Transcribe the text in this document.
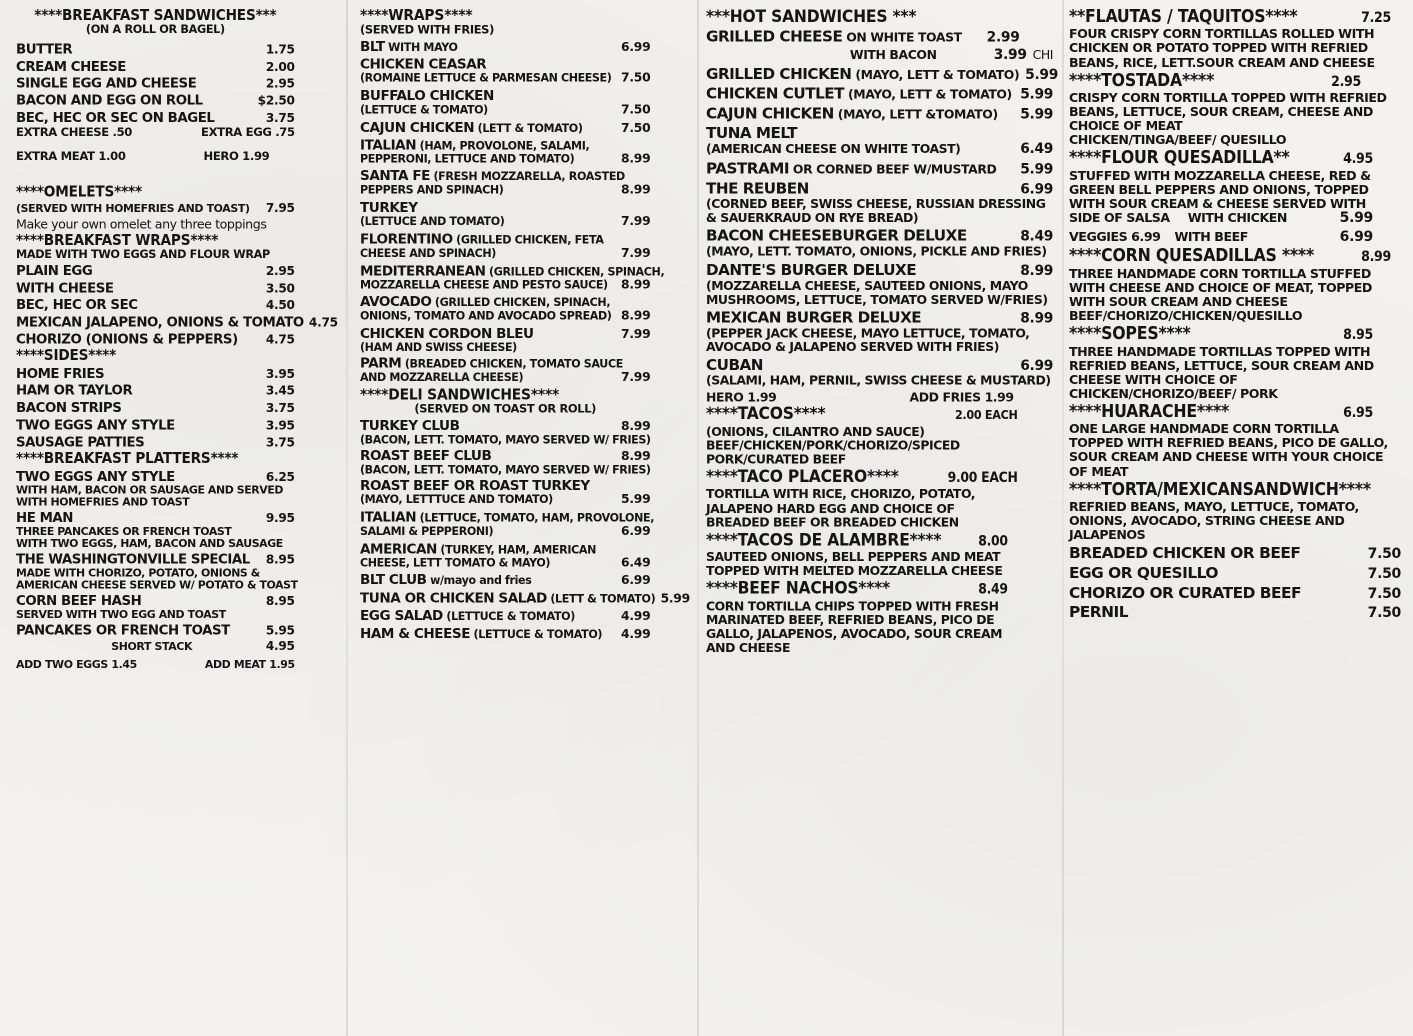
****BREAKFAST SANDWICHES***
(ON A ROLL OR BAGEL)
BUTTER	1.75
CREAM CHEESE	2.00
SINGLE EGG AND CHEESE	2.95
BACON AND EGG ON ROLL	$2.50
BEC, HEC OR SEC ON BAGEL	3.75
EXTRA CHEESE .50	EXTRA EGG .75
EXTRA MEAT 1.00	HERO 1.99
****OMELETS****
(SERVED WITH HOMEFRIES AND TOAST) 7.95
Make your own omelet any three toppings
****BREAKFAST WRAPS****
MADE WITH TWO EGGS AND FLOUR WRAP
PLAIN EGG	2.95
WITH CHEESE	3.50
BEC, HEC OR SEC	4.50
MEXICAN JALAPENO, ONIONS & TOMATO 4.75
CHORIZO (ONIONS & PEPPERS) 4.75
****SIDES****
HOME FRIES	3.95
HAM OR TAYLOR	3.45
BACON STRIPS	3.75
TWO EGGS ANY STYLE	3.95
SAUSAGE PATTIES	3.75
****BREAKFAST PLATTERS****
TWO EGGS ANY STYLE	6.25
WITH HAM, BACON OR SAUSAGE AND SERVED
WITH HOMEFRIES AND TOAST
HE MAN	9.95
THREE PANCAKES OR FRENCH TOAST
WITH TWO EGGS, HAM, BACON AND SAUSAGE
THE WASHINGTONVILLE SPECIAL 8.95
MADE WITH CHORIZO, POTATO, ONIONS &
AMERICAN CHEESE SERVED W/ POTATO & TOAST
CORN BEEF HASH	8.95
SERVED WITH TWO EGG AND TOAST
PANCAKES OR FRENCH TOAST	5.95
SHORT STACK	4.95
ADD TWO EGGS 1.45	ADD MEAT 1.95
****WRAPS****
(SERVED WITH FRIES)
BLT WITH MAYO	6.99
CHICKEN CEASAR
(ROMAINE LETTUCE & PARMESAN CHEESE) 7.50
BUFFALO CHICKEN
(LETTUCE & TOMATO)	7.50
CAJUN CHICKEN (LETT & TOMATO)	7.50
ITALIAN (HAM, PROVOLONE, SALAMI,
PEPPERONI, LETTUCE AND TOMATO)	8.99
SANTA FE (FRESH MOZZARELLA, ROASTED
PEPPERS AND SPINACH)	8.99
TURKEY
(LETTUCE AND TOMATO)	7.99
FLORENTINO (GRILLED CHICKEN, FETA
CHEESE AND SPINACH)	7.99
MEDITERRANEAN (GRILLED CHICKEN, SPINACH,
MOZZARELLA CHEESE AND PESTO SAUCE) 8.99
AVOCADO (GRILLED CHICKEN, SPINACH,
ONIONS, TOMATO AND AVOCADO SPREAD) 8.99
CHICKEN CORDON BLEU	7.99
(HAM AND SWISS CHEESE)
PARM (BREADED CHICKEN, TOMATO SAUCE
AND MOZZARELLA CHEESE)	7.99
****DELI SANDWICHES****
(SERVED ON TOAST OR ROLL)
TURKEY CLUB	8.99
(BACON, LETT. TOMATO, MAYO SERVED W/ FRIES)
ROAST BEEF CLUB	8.99
(BACON, LETT. TOMATO, MAYO SERVED W/ FRIES)
ROAST BEEF OR ROAST TURKEY
(MAYO, LETTTUCE AND TOMATO)	5.99
ITALIAN (LETTUCE, TOMATO, HAM, PROVOLONE,
SALAMI & PEPPERONI)	6.99
AMERICAN (TURKEY, HAM, AMERICAN
CHEESE, LETT TOMATO & MAYO)	6.49
BLT CLUB w/mayo and fries	6.99
TUNA OR CHICKEN SALAD (LETT & TOMATO) 5.99
EGG SALAD (LETTUCE & TOMATO)	4.99
HAM & CHEESE (LETTUCE & TOMATO) 4.99
***HOT SANDWICHES ***
GRILLED CHEESE ON WHITE TOAST 2.99
WITH BACON	3.99 CHI
GRILLED CHICKEN (MAYO, LETT & TOMATO) 5.99
CHICKEN CUTLET (MAYO, LETT & TOMATO) 5.99
CAJUN CHICKEN (MAYO, LETT &TOMATO) 5.99
TUNA MELT
(AMERICAN CHEESE ON WHITE TOAST)	6.49
PASTRAMI OR CORNED BEEF W/MUSTARD 5.99
THE REUBEN	6.99
(CORNED BEEF, SWISS CHEESE, RUSSIAN DRESSING
& SAUERKRAUD ON RYE BREAD)
BACON CHEESEBURGER DELUXE	8.49
(MAYO, LETT. TOMATO, ONIONS, PICKLE AND FRIES)
DANTE'S BURGER DELUXE	8.99
(MOZZARELLA CHEESE, SAUTEED ONIONS, MAYO
MUSHROOMS, LETTUCE, TOMATO SERVED W/FRIES)
MEXICAN BURGER DELUXE	8.99
(PEPPER JACK CHEESE, MAYO LETTUCE, TOMATO,
AVOCADO & JALAPENO SERVED WITH FRIES)
CUBAN	6.99
(SALAMI, HAM, PERNIL, SWISS CHEESE & MUSTARD)
HERO 1.99	ADD FRIES 1.99
****TACOS****	2.00 EACH
(ONIONS, CILANTRO AND SAUCE)
BEEF/CHICKEN/PORK/CHORIZO/SPICED
PORK/CURATED BEEF
****TACO PLACERO****	9.00 EACH
TORTILLA WITH RICE, CHORIZO, POTATO,
JALAPENO HARD EGG AND CHOICE OF
BREADED BEEF OR BREADED CHICKEN
****TACOS DE ALAMBRE****	8.00
SAUTEED ONIONS, BELL PEPPERS AND MEAT
TOPPED WITH MELTED MOZZARELLA CHEESE
****BEEF NACHOS****	8.49
CORN TORTILLA CHIPS TOPPED WITH FRESH
MARINATED BEEF, REFRIED BEANS, PICO DE
GALLO, JALAPENOS, AVOCADO, SOUR CREAM
AND CHEESE
**FLAUTAS / TAQUITOS****	7.25
FOUR CRISPY CORN TORTILLAS ROLLED WITH
CHICKEN OR POTATO TOPPED WITH REFRIED
BEANS, RICE, LETT.SOUR CREAM AND CHEESE
****TOSTADA****	2.95
CRISPY CORN TORTILLA TOPPED WITH REFRIED
BEANS, LETTUCE, SOUR CREAM, CHEESE AND
CHOICE OF MEAT
CHICKEN/TINGA/BEEF/ QUESILLO
****FLOUR QUESADILLA**	4.95
STUFFED WITH MOZZARELLA CHEESE, RED &
GREEN BELL PEPPERS AND ONIONS, TOPPED
WITH SOUR CREAM & CHEESE SERVED WITH
SIDE OF SALSA WITH CHICKEN	5.99
VEGGIES 6.99 WITH BEEF	6.99
****CORN QUESADILLAS ****	8.99
THREE HANDMADE CORN TORTILLA STUFFED
WITH CHEESE AND CHOICE OF MEAT, TOPPED
WITH SOUR CREAM AND CHEESE
BEEF/CHORIZO/CHICKEN/QUESILLO
****SOPES****	8.95
THREE HANDMADE TORTILLAS TOPPED WITH
REFRIED BEANS, LETTUCE, SOUR CREAM AND
CHEESE WITH CHOICE OF
CHICKEN/CHORIZO/BEEF/ PORK
****HUARACHE****	6.95
ONE LARGE HANDMADE CORN TORTILLA
TOPPED WITH REFRIED BEANS, PICO DE GALLO,
SOUR CREAM AND CHEESE WITH YOUR CHOICE
OF MEAT
****TORTA/MEXICANSANDWICH****
REFRIED BEANS, MAYO, LETTUCE, TOMATO,
ONIONS, AVOCADO, STRING CHEESE AND
JALAPENOS
BREADED CHICKEN OR BEEF	7.50
EGG OR QUESILLO	7.50
CHORIZO OR CURATED BEEF	7.50
PERNIL	7.50
